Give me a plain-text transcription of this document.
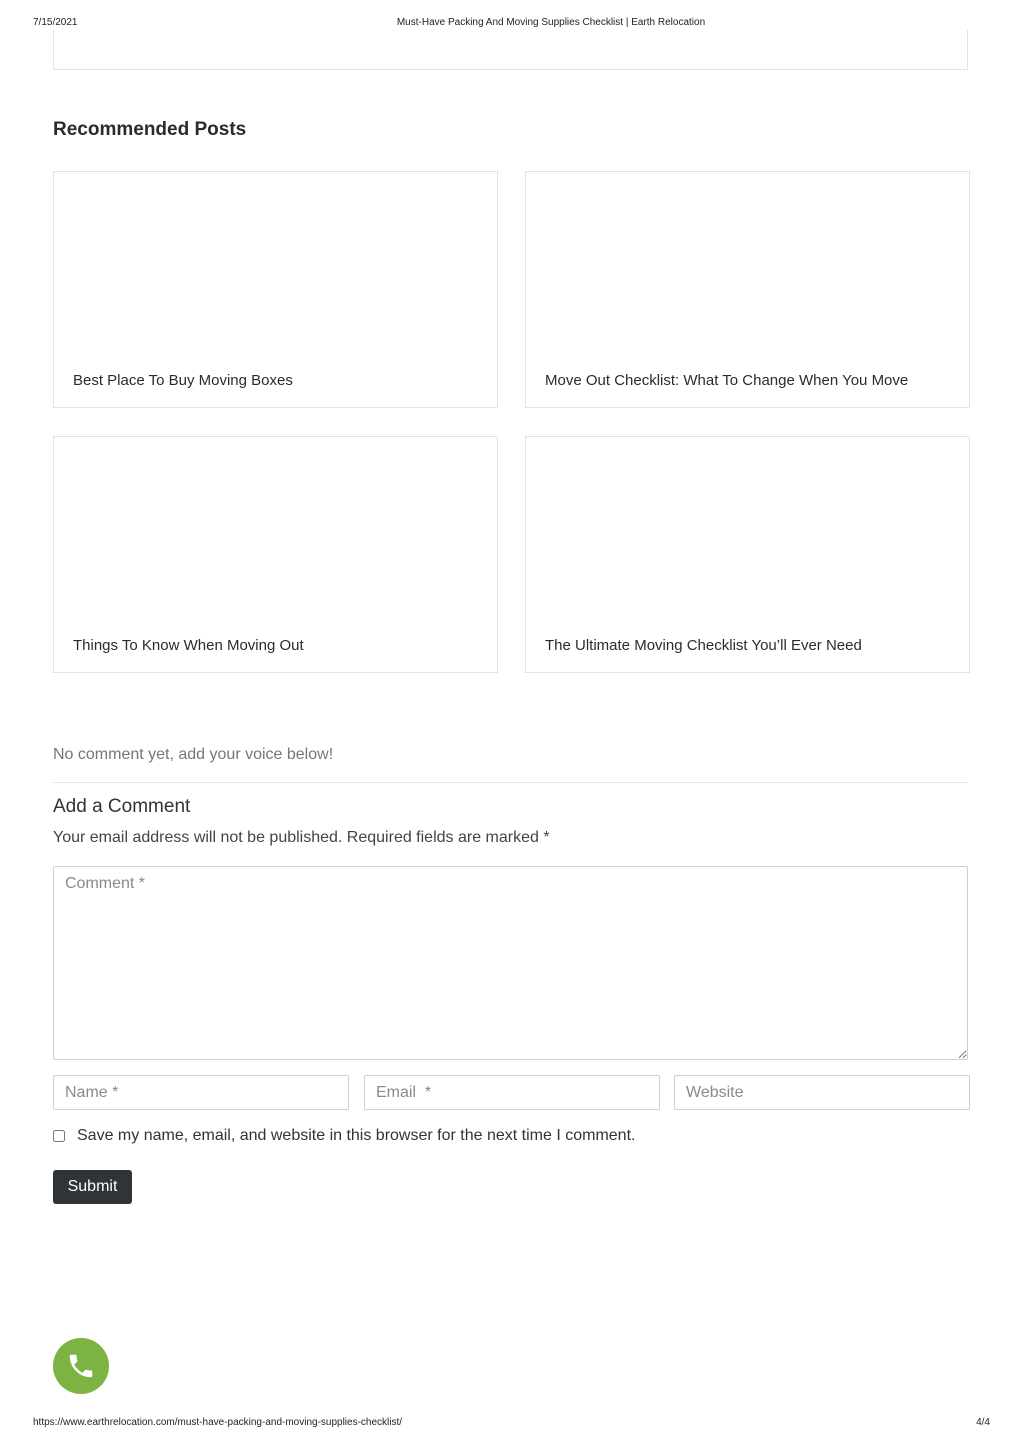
7/15/2021	Must-Have Packing And Moving Supplies Checklist | Earth Relocation
Recommended Posts
Best Place To Buy Moving Boxes	Move Out Checklist: What To Change When You Move
Things To Know When Moving Out	The Ultimate Moving Checklist You’ll Ever Need
No comment yet, add your voice below!
Add a Comment
Your email address will not be published. Required fields are marked *
Comment *
Name *
Email *
Website
Save my name, email, and website in this browser for the next time I comment.
Submit
https://www.earthrelocation.com/must-have-packing-and-moving-supplies-checklist/	4/4
